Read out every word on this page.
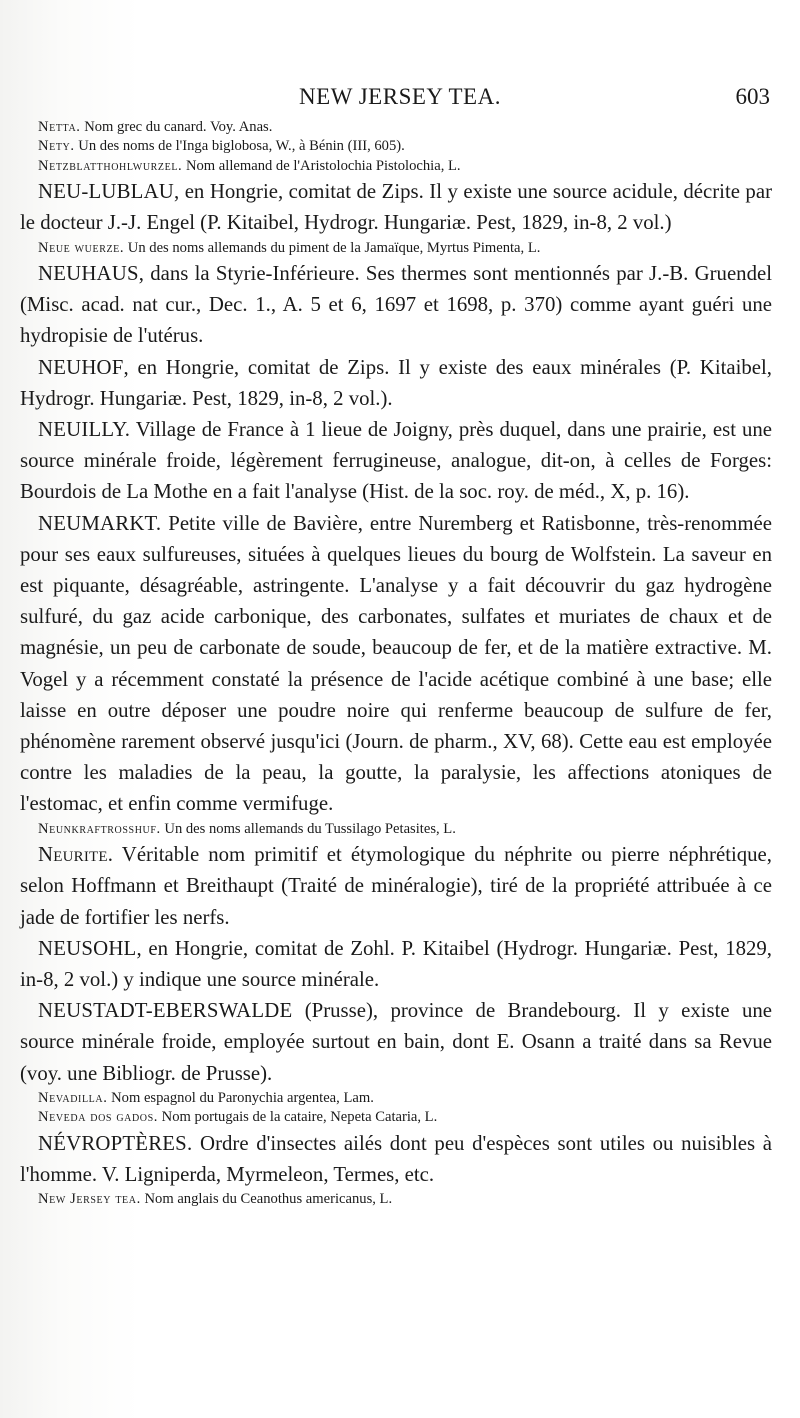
NEW JERSEY TEA.	603

Netta. Nom grec du canard. Voy. Anas.

Nety. Un des noms de l'Inga biglobosa, W., à Bénin (III, 605).

Netzblatthohlwurzel. Nom allemand de l'Aristolochia Pistolochia, L.

NEU-LUBLAU, en Hongrie, comitat de Zips. Il y existe une source acidule, décrite par le docteur J.-J. Engel (P. Kitaibel, Hydrogr. Hungariæ. Pest, 1829, in-8, 2 vol.)

Neue wuerze. Un des noms allemands du piment de la Jamaïque, Myrtus Pimenta, L.

NEUHAUS, dans la Styrie-Inférieure. Ses thermes sont mentionnés par J.-B. Gruendel (Misc. acad. nat cur., Dec. 1., A. 5 et 6, 1697 et 1698, p. 370) comme ayant guéri une hydropisie de l'utérus.

NEUHOF, en Hongrie, comitat de Zips. Il y existe des eaux minérales (P. Kitaibel, Hydrogr. Hungariæ. Pest, 1829, in-8, 2 vol.).

NEUILLY. Village de France à 1 lieue de Joigny, près duquel, dans une prairie, est une source minérale froide, légèrement ferrugineuse, analogue, dit-on, à celles de Forges: Bourdois de La Mothe en a fait l'analyse (Hist. de la soc. roy. de méd., X, p. 16).

NEUMARKT. Petite ville de Bavière, entre Nuremberg et Ratisbonne, très-renommée pour ses eaux sulfureuses, situées à quelques lieues du bourg de Wolfstein. La saveur en est piquante, désagréable, astringente. L'analyse y a fait découvrir du gaz hydrogène sulfuré, du gaz acide carbonique, des carbonates, sulfates et muriates de chaux et de magnésie, un peu de carbonate de soude, beaucoup de fer, et de la matière extractive. M. Vogel y a récemment constaté la présence de l'acide acétique combiné à une base; elle laisse en outre déposer une poudre noire qui renferme beaucoup de sulfure de fer, phénomène rarement observé jusqu'ici (Journ. de pharm., XV, 68). Cette eau est employée contre les maladies de la peau, la goutte, la paralysie, les affections atoniques de l'estomac, et enfin comme vermifuge.

Neunkraftrosshuf. Un des noms allemands du Tussilago Petasites, L.

Neurite. Véritable nom primitif et étymologique du néphrite ou pierre néphrétique, selon Hoffmann et Breithaupt (Traité de minéralogie), tiré de la propriété attribuée à ce jade de fortifier les nerfs.

NEUSOHL, en Hongrie, comitat de Zohl. P. Kitaibel (Hydrogr. Hungariæ. Pest, 1829, in-8, 2 vol.) y indique une source minérale.

NEUSTADT-EBERSWALDE (Prusse), province de Brandebourg. Il y existe une source minérale froide, employée surtout en bain, dont E. Osann a traité dans sa Revue (voy. une Bibliogr. de Prusse).

Nevadilla. Nom espagnol du Paronychia argentea, Lam.

Neveda dos gados. Nom portugais de la cataire, Nepeta Cataria, L.

NÉVROPTÈRES. Ordre d'insectes ailés dont peu d'espèces sont utiles ou nuisibles à l'homme. V. Ligniperda, Myrmeleon, Termes, etc.

New Jersey tea. Nom anglais du Ceanothus americanus, L.
